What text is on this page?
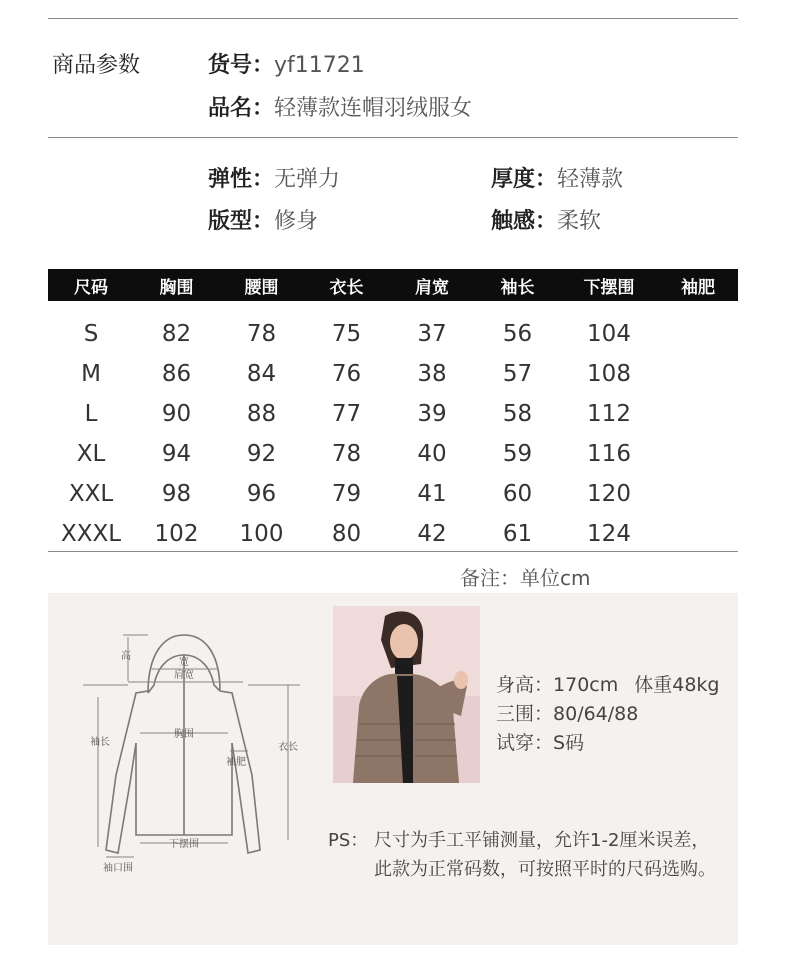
商品参数	货号：yf11721
品名：轻薄款连帽羽绒服女
弹性：无弹力	厚度：轻薄款
版型：修身	触感：柔软
尺码	胸围	腰围	衣长	肩宽	袖长	下摆围	袖肥
S	82	78	75	37	56	104
M	86	84	76	38	57	108
L	90	88	77	39	58	112
XL	94	92	78	40	59	116
XXL	98	96	79	41	60	120
XXXL	102	100	80	42	61	124
备注：单位cm
高
宽
肩宽
胸围
袖肥
袖长	衣长
下摆围
袖口围
身高：170cm 体重48kg
三围：80/64/88
试穿：S码
PS： 尺寸为手工平铺测量，允许1-2厘米误差，
此款为正常码数，可按照平时的尺码选购。
